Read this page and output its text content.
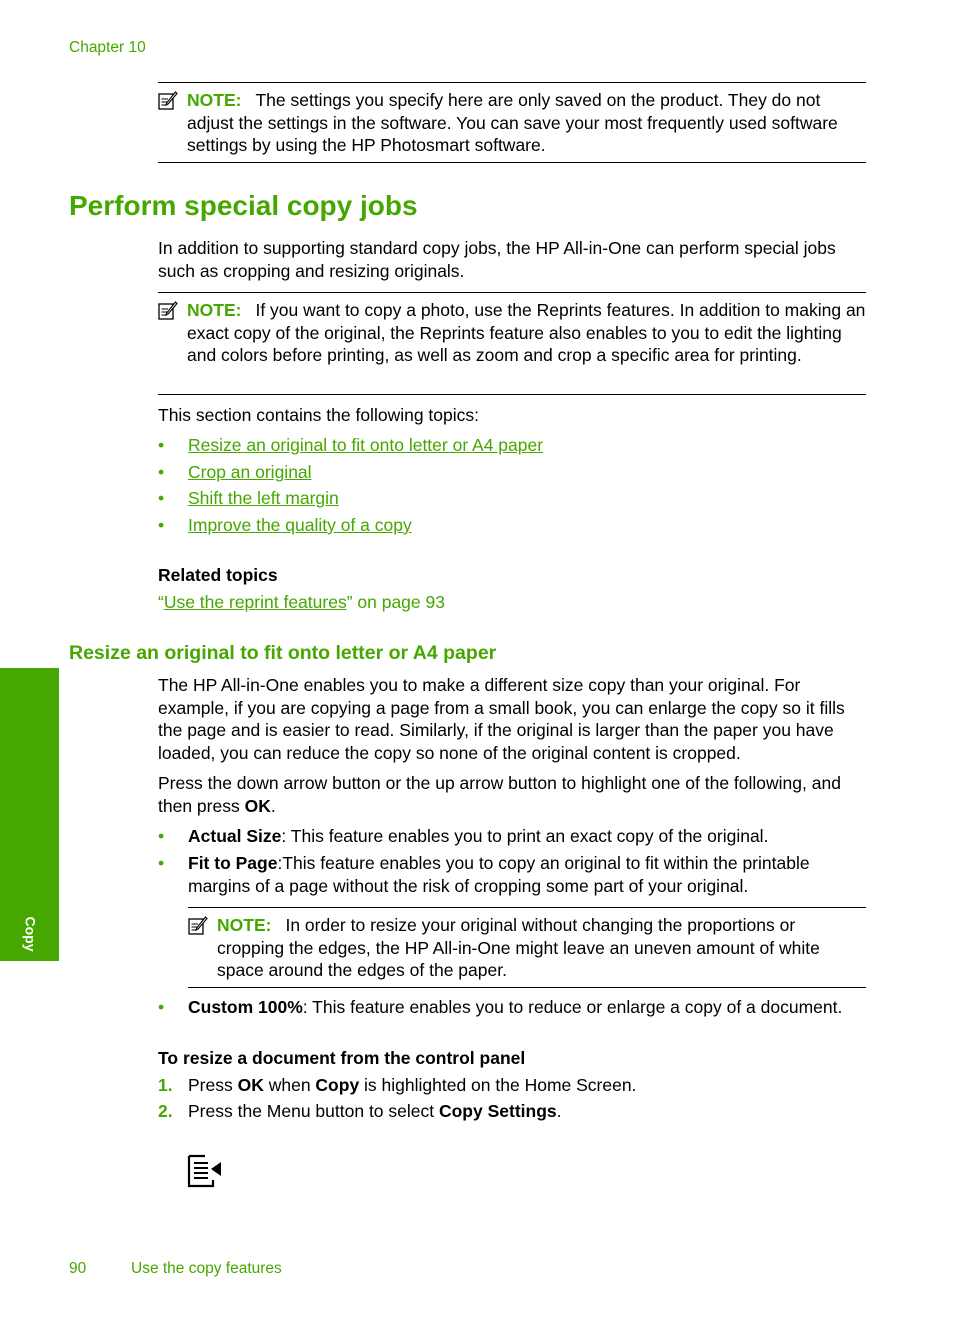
Chapter 10
NOTE: The settings you specify here are only saved on the product. They do not adjust the settings in the software. You can save your most frequently used software settings by using the HP Photosmart software.
Perform special copy jobs

In addition to supporting standard copy jobs, the HP All-in-One can perform special jobs such as cropping and resizing originals.

NOTE: If you want to copy a photo, use the Reprints features. In addition to making an exact copy of the original, the Reprints feature also enables to you to edit the lighting and colors before printing, as well as zoom and crop a specific area for printing.

This section contains the following topics:

• Resize an original to fit onto letter or A4 paper
• Crop an original
• Shift the left margin
• Improve the quality of a copy
Related topics
“Use the reprint features” on page 93
Resize an original to fit onto letter or A4 paper

The HP All-in-One enables you to make a different size copy than your original. For example, if you are copying a page from a small book, you can enlarge the copy so it fills the page and is easier to read. Similarly, if the original is larger than the paper you have loaded, you can reduce the copy so none of the original content is cropped.

Press the down arrow button or the up arrow button to highlight one of the following, and then press OK.

• Actual Size: This feature enables you to print an exact copy of the original.
• Fit to Page:This feature enables you to copy an original to fit within the printable margins of a page without the risk of cropping some part of your original.
NOTE: In order to resize your original without changing the proportions or cropping the edges, the HP All-in-One might leave an uneven amount of white space around the edges of the paper.
• Custom 100%: This feature enables you to reduce or enlarge a copy of a document.
To resize a document from the control panel
1. Press OK when Copy is highlighted on the Home Screen.
2. Press the Menu button to select Copy Settings.
Copy
90	Use the copy features
